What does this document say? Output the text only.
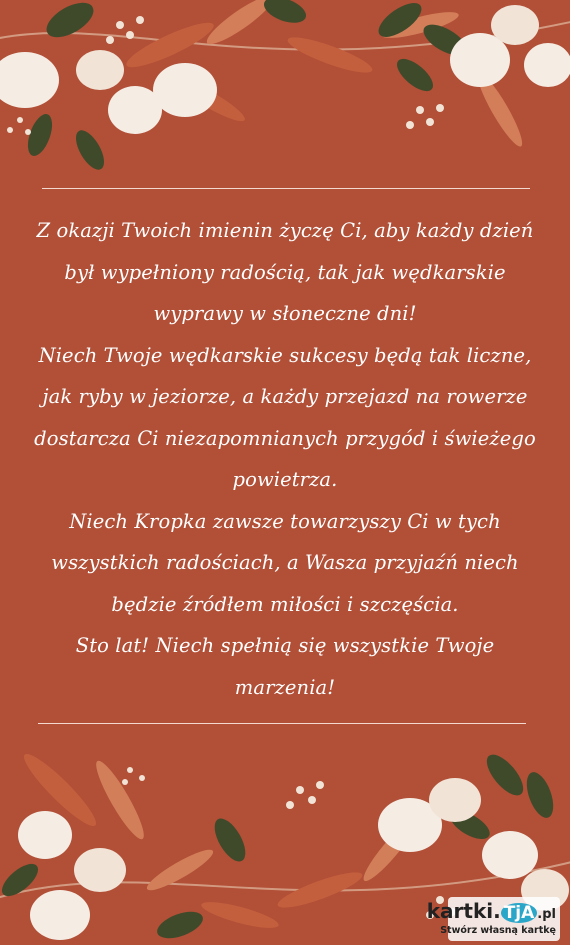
Z okazji Twoich imienin życzę Ci, aby każdy dzień był wypełniony radością, tak jak wędkarskie wyprawy w słoneczne dni!

Niech Twoje wędkarskie sukcesy będą tak liczne, jak ryby w jeziorze, a każdy przejazd na rowerze dostarcza Ci niezapomnianych przygód i świeżego powietrza.

Niech Kropka zawsze towarzyszy Ci w tych wszystkich radościach, a Wasza przyjaźń niech będzie źródłem miłości i szczęścia.

Sto lat! Niech spełnią się wszystkie Twoje marzenia!

kartki. TjA .pl
Stwórz własną kartkę
